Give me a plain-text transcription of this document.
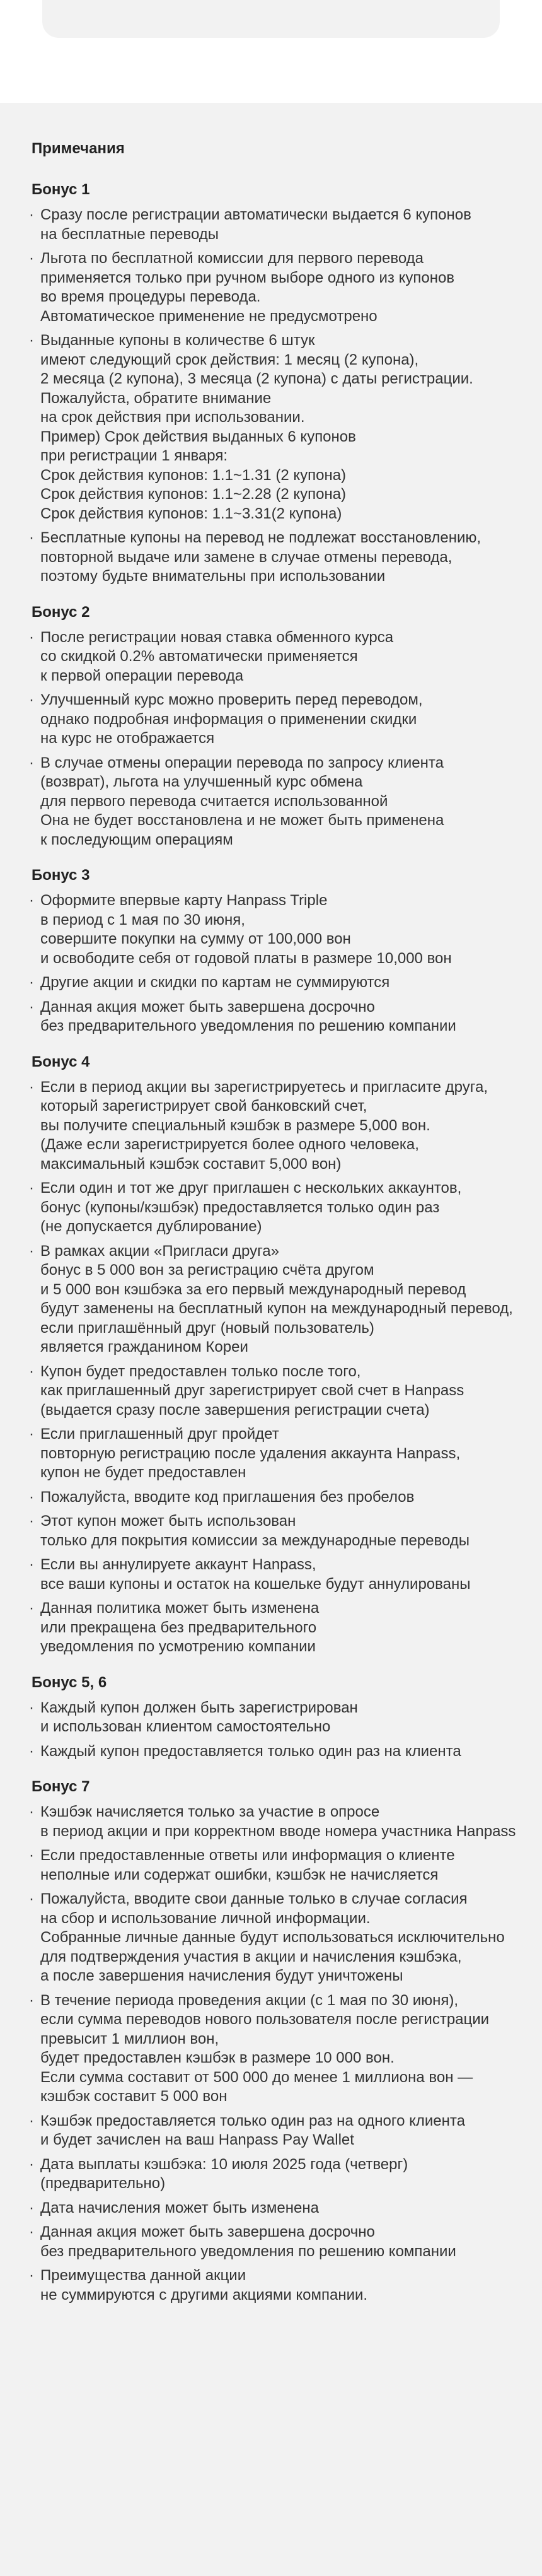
Примечания
Бонус 1
· Сразу после регистрации автоматически выдается 6 купонов
на бесплатные переводы
· Льгота по бесплатной комиссии для первого перевода
применяется только при ручном выборе одного из купонов
во время процедуры перевода.
Автоматическое применение не предусмотрено
· Выданные купоны в количестве 6 штук
имеют следующий срок действия: 1 месяц (2 купона),
2 месяца (2 купона), 3 месяца (2 купона) с даты регистрации.
Пожалуйста, обратите внимание
на срок действия при использовании.
Пример) Срок действия выданных 6 купонов
при регистрации 1 января:
Срок действия купонов: 1.1~1.31 (2 купона)
Срок действия купонов: 1.1~2.28 (2 купона)
Срок действия купонов: 1.1~3.31(2 купона)
· Бесплатные купоны на перевод не подлежат восстановлению,
повторной выдаче или замене в случае отмены перевода,
поэтому будьте внимательны при использовании
Бонус 2
· После регистрации новая ставка обменного курса
со скидкой 0.2% автоматически применяется
к первой операции перевода
· Улучшенный курс можно проверить перед переводом,
однако подробная информация о применении скидки
на курс не отображается
· В случае отмены операции перевода по запросу клиента
(возврат), льгота на улучшенный курс обмена
для первого перевода считается использованной
Она не будет восстановлена и не может быть применена
к последующим операциям
Бонус 3
· Оформите впервые карту Hanpass Triple
в период с 1 мая по 30 июня,
совершите покупки на сумму от 100,000 вон
и освободите себя от годовой платы в размере 10,000 вон
· Другие акции и скидки по картам не суммируются
· Данная акция может быть завершена досрочно
без предварительного уведомления по решению компании
Бонус 4
· Если в период акции вы зарегистрируетесь и пригласите друга,
который зарегистрирует свой банковский счет,
вы получите специальный кэшбэк в размере 5,000 вон.
(Даже если зарегистрируется более одного человека,
максимальный кэшбэк составит 5,000 вон)
· Если один и тот же друг приглашен с нескольких аккаунтов,
бонус (купоны/кэшбэк) предоставляется только один раз
(не допускается дублирование)
· В рамках акции «Пригласи друга»
бонус в 5 000 вон за регистрацию счёта другом
и 5 000 вон кэшбэка за его первый международный перевод
будут заменены на бесплатный купон на международный перевод,
если приглашённый друг (новый пользователь)
является гражданином Кореи
· Купон будет предоставлен только после того,
как приглашенный друг зарегистрирует свой счет в Hanpass
(выдается сразу после завершения регистрации счета)
· Если приглашенный друг пройдет
повторную регистрацию после удаления аккаунта Hanpass,
купон не будет предоставлен
· Пожалуйста, вводите код приглашения без пробелов
· Этот купон может быть использован
только для покрытия комиссии за международные переводы
· Если вы аннулируете аккаунт Hanpass,
все ваши купоны и остаток на кошельке будут аннулированы
· Данная политика может быть изменена
или прекращена без предварительного
уведомления по усмотрению компании
Бонус 5, 6
· Каждый купон должен быть зарегистрирован
и использован клиентом самостоятельно
· Каждый купон предоставляется только один раз на клиента
Бонус 7
· Кэшбэк начисляется только за участие в опросе
в период акции и при корректном вводе номера участника Hanpass
· Если предоставленные ответы или информация о клиенте
неполные или содержат ошибки, кэшбэк не начисляется
· Пожалуйста, вводите свои данные только в случае согласия
на сбор и использование личной информации.
Собранные личные данные будут использоваться исключительно
для подтверждения участия в акции и начисления кэшбэка,
а после завершения начисления будут уничтожены
· В течение периода проведения акции (с 1 мая по 30 июня),
если сумма переводов нового пользователя после регистрации
превысит 1 миллион вон,
будет предоставлен кэшбэк в размере 10 000 вон.
Если сумма составит от 500 000 до менее 1 миллиона вон —
кэшбэк составит 5 000 вон
· Кэшбэк предоставляется только один раз на одного клиента
и будет зачислен на ваш Hanpass Pay Wallet
· Дата выплаты кэшбэка: 10 июля 2025 года (четверг)
(предварительно)
· Дата начисления может быть изменена
· Данная акция может быть завершена досрочно
без предварительного уведомления по решению компании
· Преимущества данной акции
не суммируются с другими акциями компании.
